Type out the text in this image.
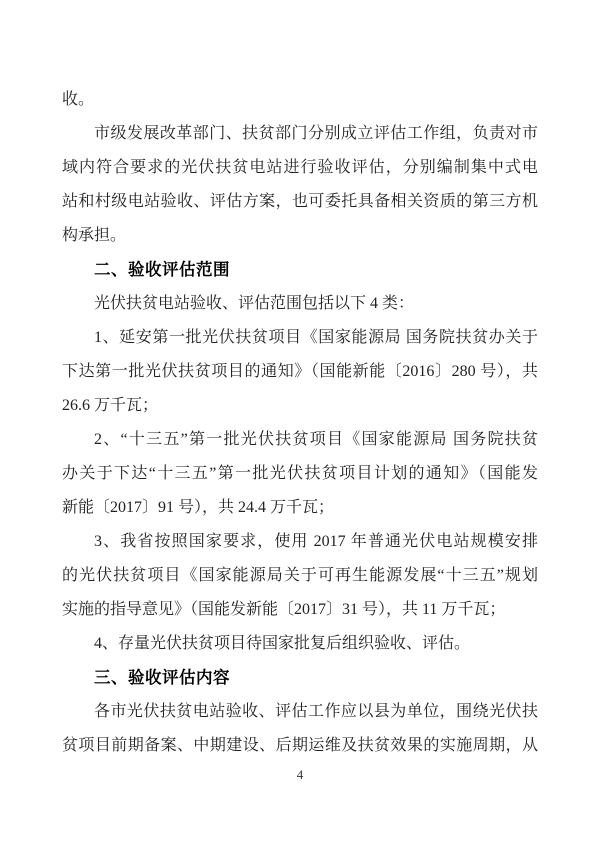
收。
市级发展改革部门、扶贫部门分别成立评估工作组，负责对市
域内符合要求的光伏扶贫电站进行验收评估，分别编制集中式电
站和村级电站验收、评估方案，也可委托具备相关资质的第三方机
构承担。
二、验收评估范围
光伏扶贫电站验收、评估范围包括以下 4 类：
1、延安第一批光伏扶贫项目《国家能源局 国务院扶贫办关于
下达第一批光伏扶贫项目的通知》（国能新能〔2016〕280 号），共
26.6 万千瓦；
2、“十三五”第一批光伏扶贫项目《国家能源局 国务院扶贫
办关于下达“十三五”第一批光伏扶贫项目计划的通知》（国能发
新能〔2017〕91 号），共 24.4 万千瓦；
3、我省按照国家要求，使用 2017 年普通光伏电站规模安排
的光伏扶贫项目《国家能源局关于可再生能源发展“十三五”规划
实施的指导意见》（国能发新能〔2017〕31 号），共 11 万千瓦；
4、存量光伏扶贫项目待国家批复后组织验收、评估。
三、验收评估内容
各市光伏扶贫电站验收、评估工作应以县为单位，围绕光伏扶
贫项目前期备案、中期建设、后期运维及扶贫效果的实施周期，从
4
